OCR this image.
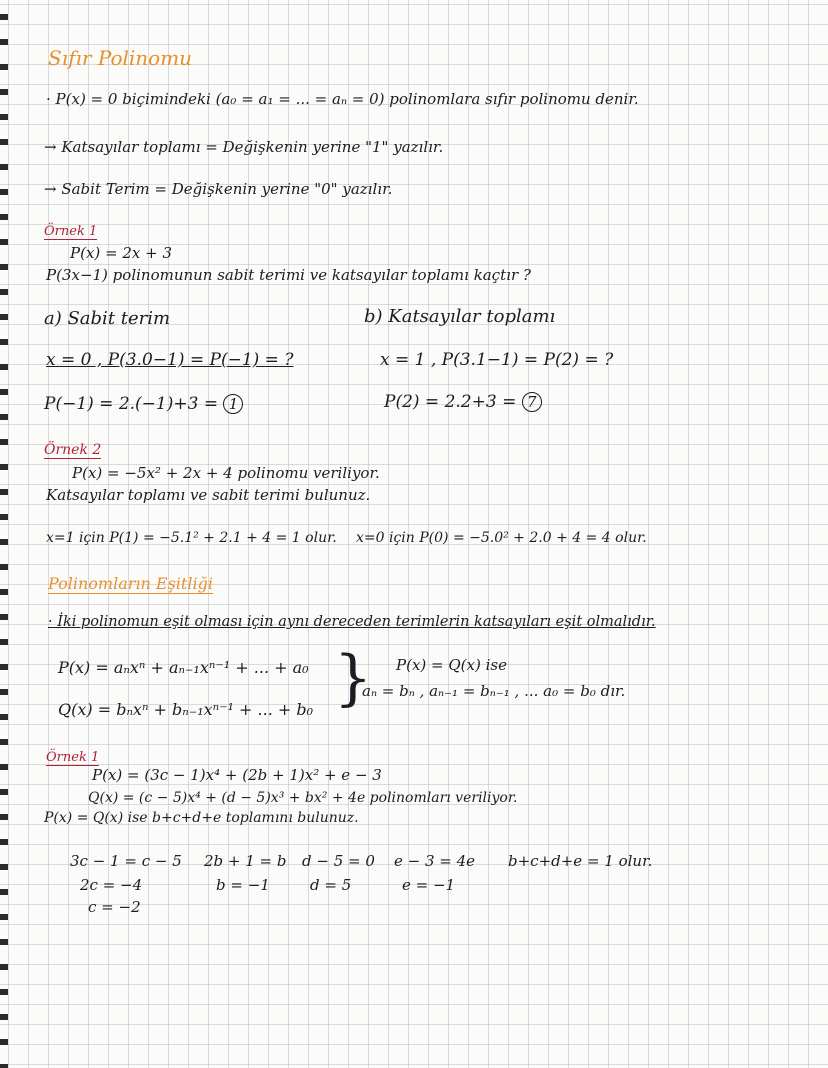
Sıfır Polinomu
· P(x) = 0 biçimindeki (a₀ = a₁ = ... = aₙ = 0) polinomlara sıfır polinomu denir.
→ Katsayılar toplamı = Değişkenin yerine "1" yazılır.
→ Sabit Terim = Değişkenin yerine "0" yazılır.
Örnek 1
P(x) = 2x + 3
P(3x−1) polinomunun sabit terimi ve katsayılar toplamı kaçtır ?
a) Sabit terim
x = 0 , P(3.0−1) = P(−1) = ?
P(−1) = 2.(−1)+3 = 1
b) Katsayılar toplamı
x = 1 , P(3.1−1) = P(2) = ?
P(2) = 2.2+3 = 7
Örnek 2
P(x) = −5x² + 2x + 4 polinomu veriliyor.
Katsayılar toplamı ve sabit terimi bulunuz.
x=1 için P(1) = −5.1² + 2.1 + 4 = 1 olur. x=0 için P(0) = −5.0² + 2.0 + 4 = 4 olur.
Polinomların Eşitliği
· İki polinomun eşit olması için aynı dereceden terimlerin katsayıları eşit olmalıdır.
P(x) = aₙxⁿ + aₙ₋₁xⁿ⁻¹ + ... + a₀
Q(x) = bₙxⁿ + bₙ₋₁xⁿ⁻¹ + ... + b₀ } P(x) = Q(x) ise
aₙ = bₙ , aₙ₋₁ = bₙ₋₁ , ... a₀ = b₀ dır.
Örnek 1
P(x) = (3c − 1)x⁴ + (2b + 1)x² + e − 3
Q(x) = (c − 5)x⁴ + (d − 5)x³ + bx² + 4e polinomları veriliyor.
P(x) = Q(x) ise b+c+d+e toplamını bulunuz.
3c − 1 = c − 5
2c = −4
c = −2
2b + 1 = b
b = −1
d − 5 = 0
d = 5
e − 3 = 4e
e = −1
b+c+d+e = 1 olur.
